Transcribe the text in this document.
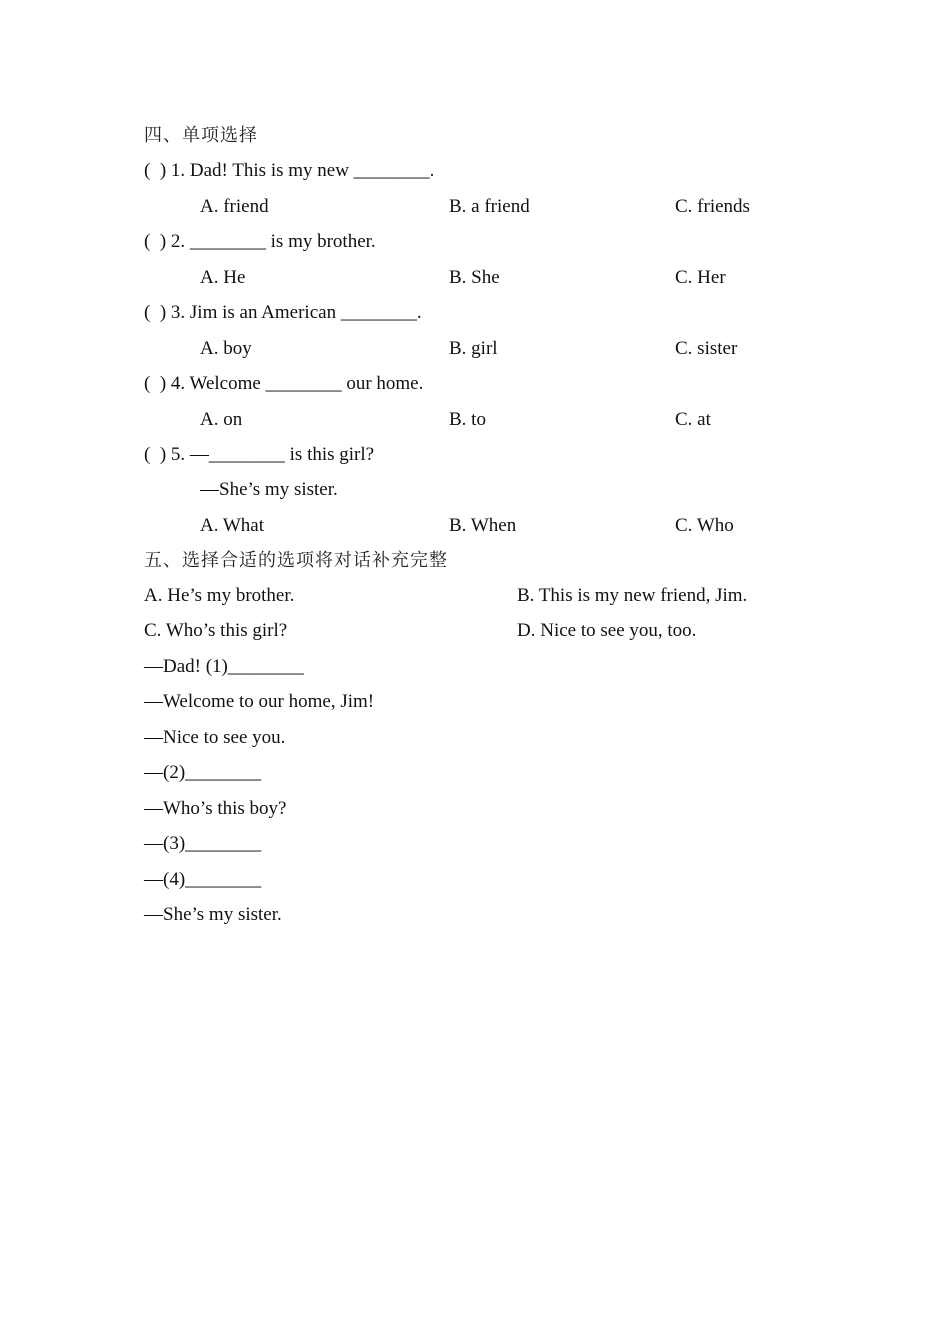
四、单项选择
(  ) 1. Dad! This is my new ________.
A. friend	B. a friend	C. friends
(  ) 2. ________ is my brother.
A. He	B. She	C. Her
(  ) 3. Jim is an American ________.
A. boy	B. girl	C. sister
(  ) 4. Welcome ________ our home.
A. on	B. to	C. at
(  ) 5. —________ is this girl?
—She’s my sister.
A. What	B. When	C. Who
五、选择合适的选项将对话补充完整
A. He’s my brother.	B. This is my new friend, Jim.
C. Who’s this girl?	D. Nice to see you, too.
—Dad! (1)________
—Welcome to our home, Jim!
—Nice to see you.
—(2)________
—Who’s this boy?
—(3)________
—(4)________
—She’s my sister.
